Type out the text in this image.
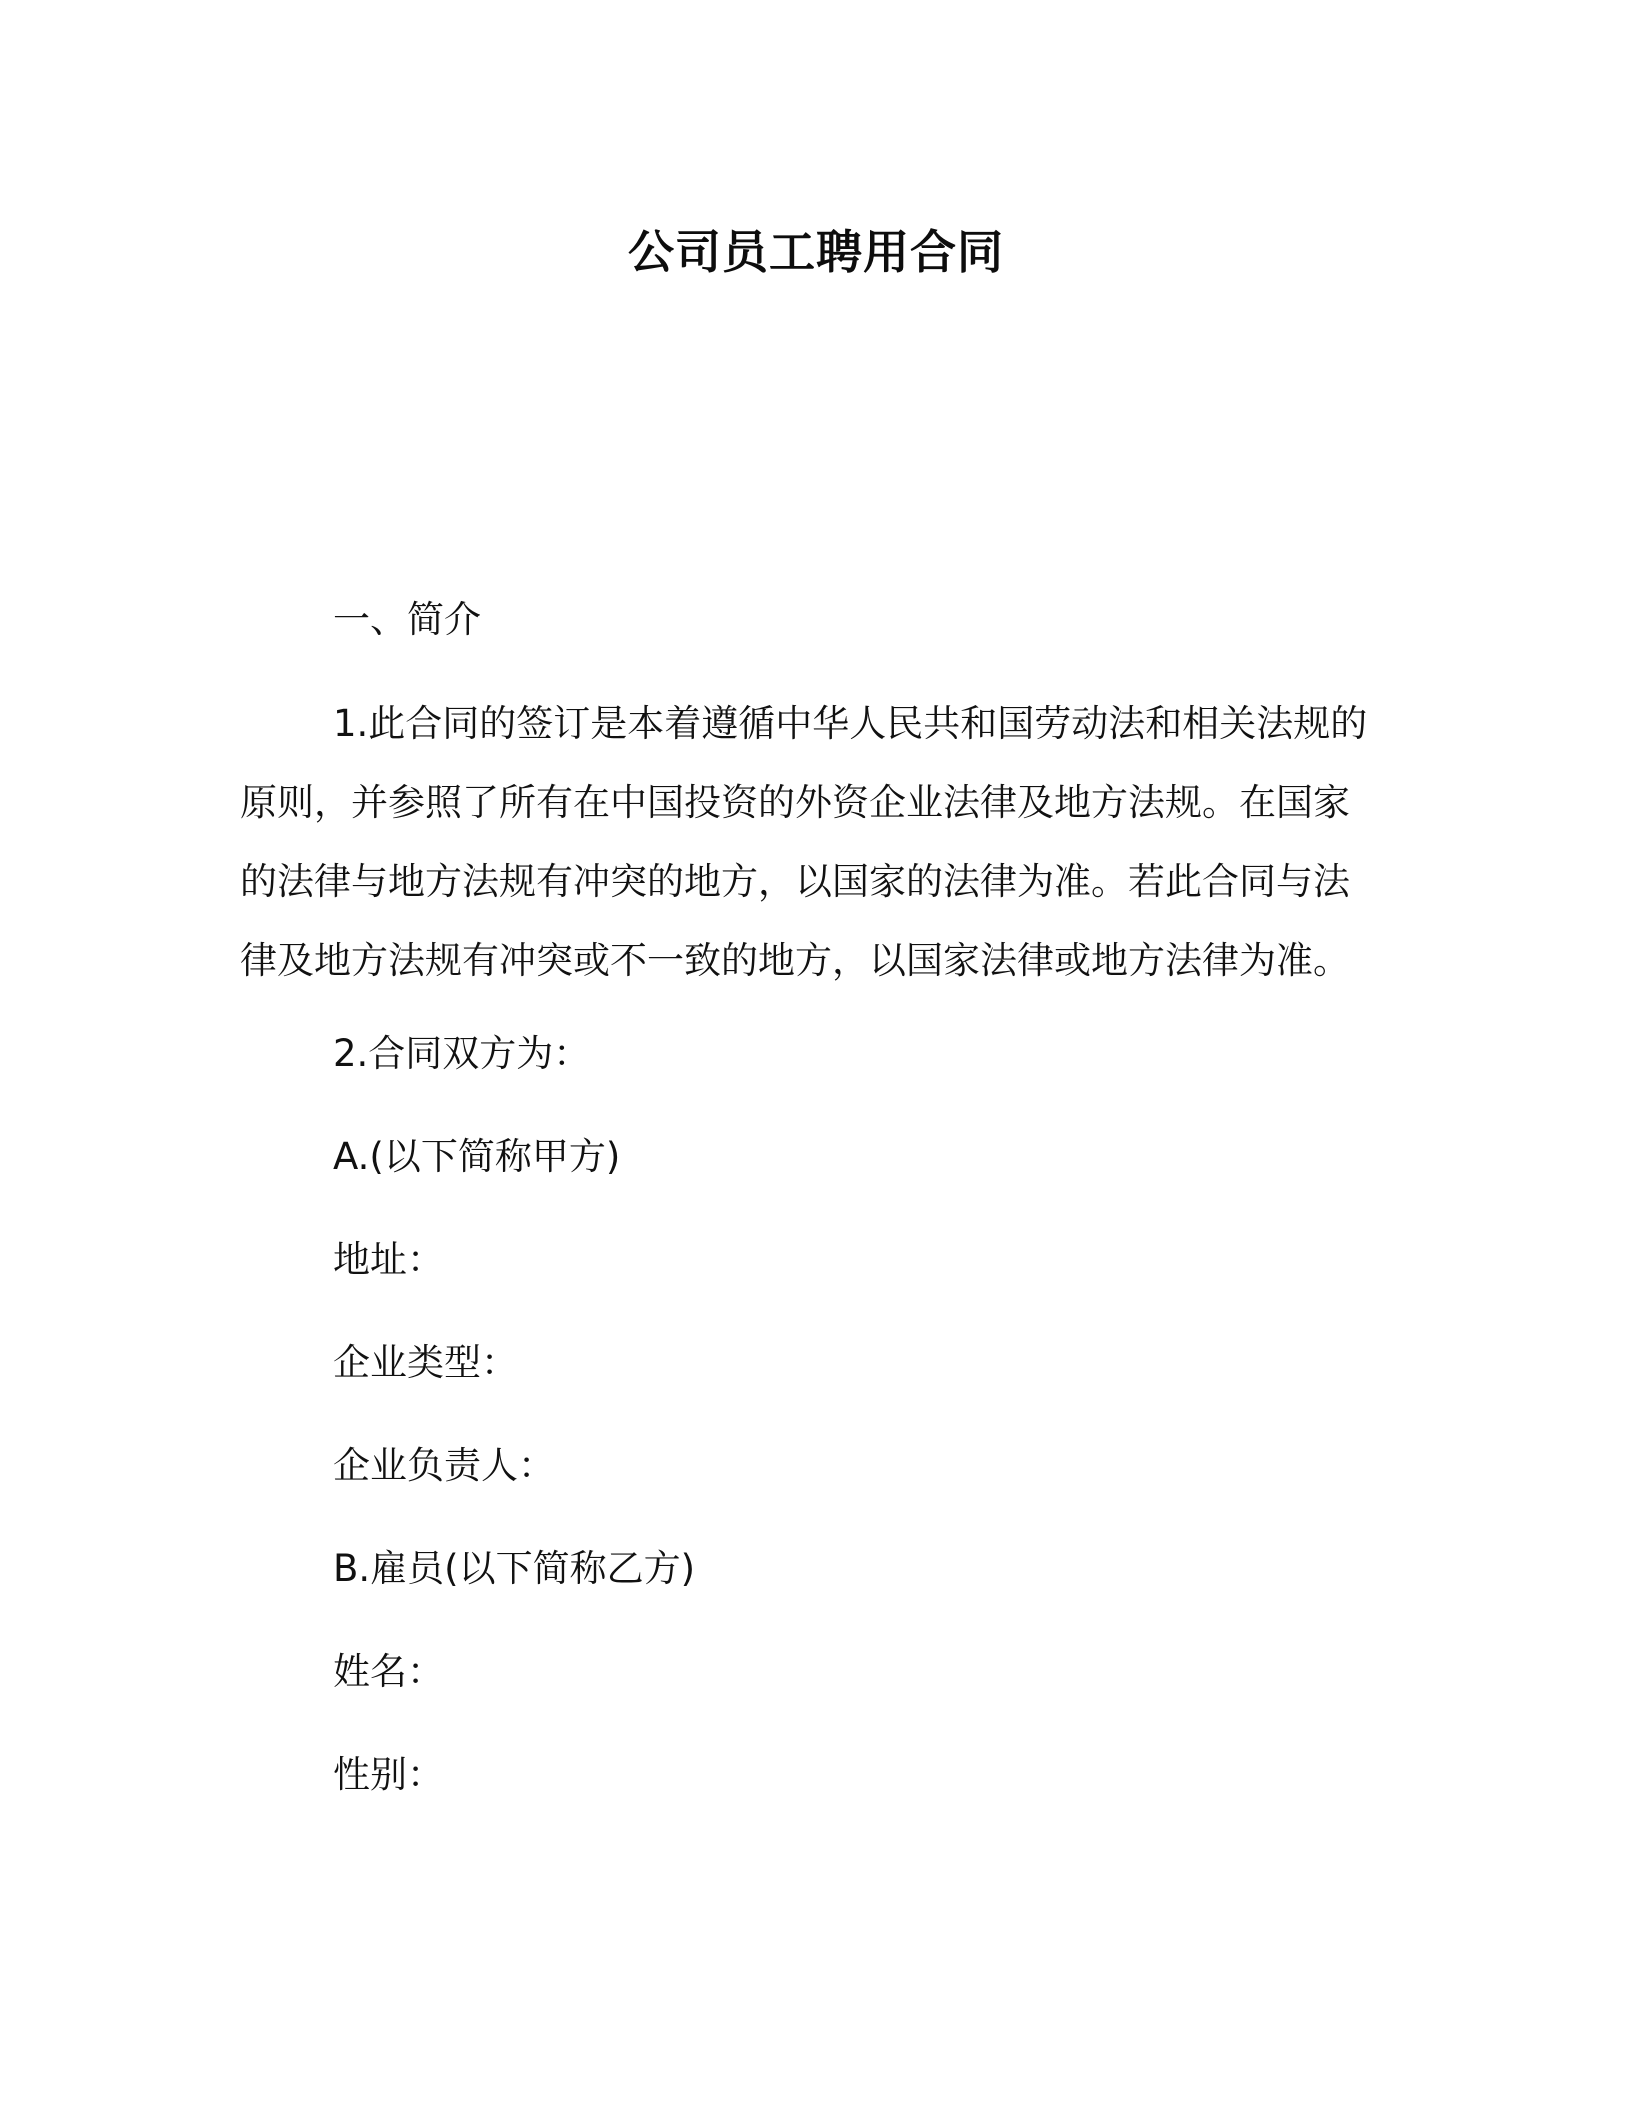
公司员工聘用合同
一、简介
1.此合同的签订是本着遵循中华人民共和国劳动法和相关法规的
原则，并参照了所有在中国投资的外资企业法律及地方法规。在国家
的法律与地方法规有冲突的地方，以国家的法律为准。若此合同与法
律及地方法规有冲突或不一致的地方，以国家法律或地方法律为准。
2.合同双方为：
A.(以下简称甲方)
地址：
企业类型：
企业负责人：
B.雇员(以下简称乙方)
姓名：
性别：
